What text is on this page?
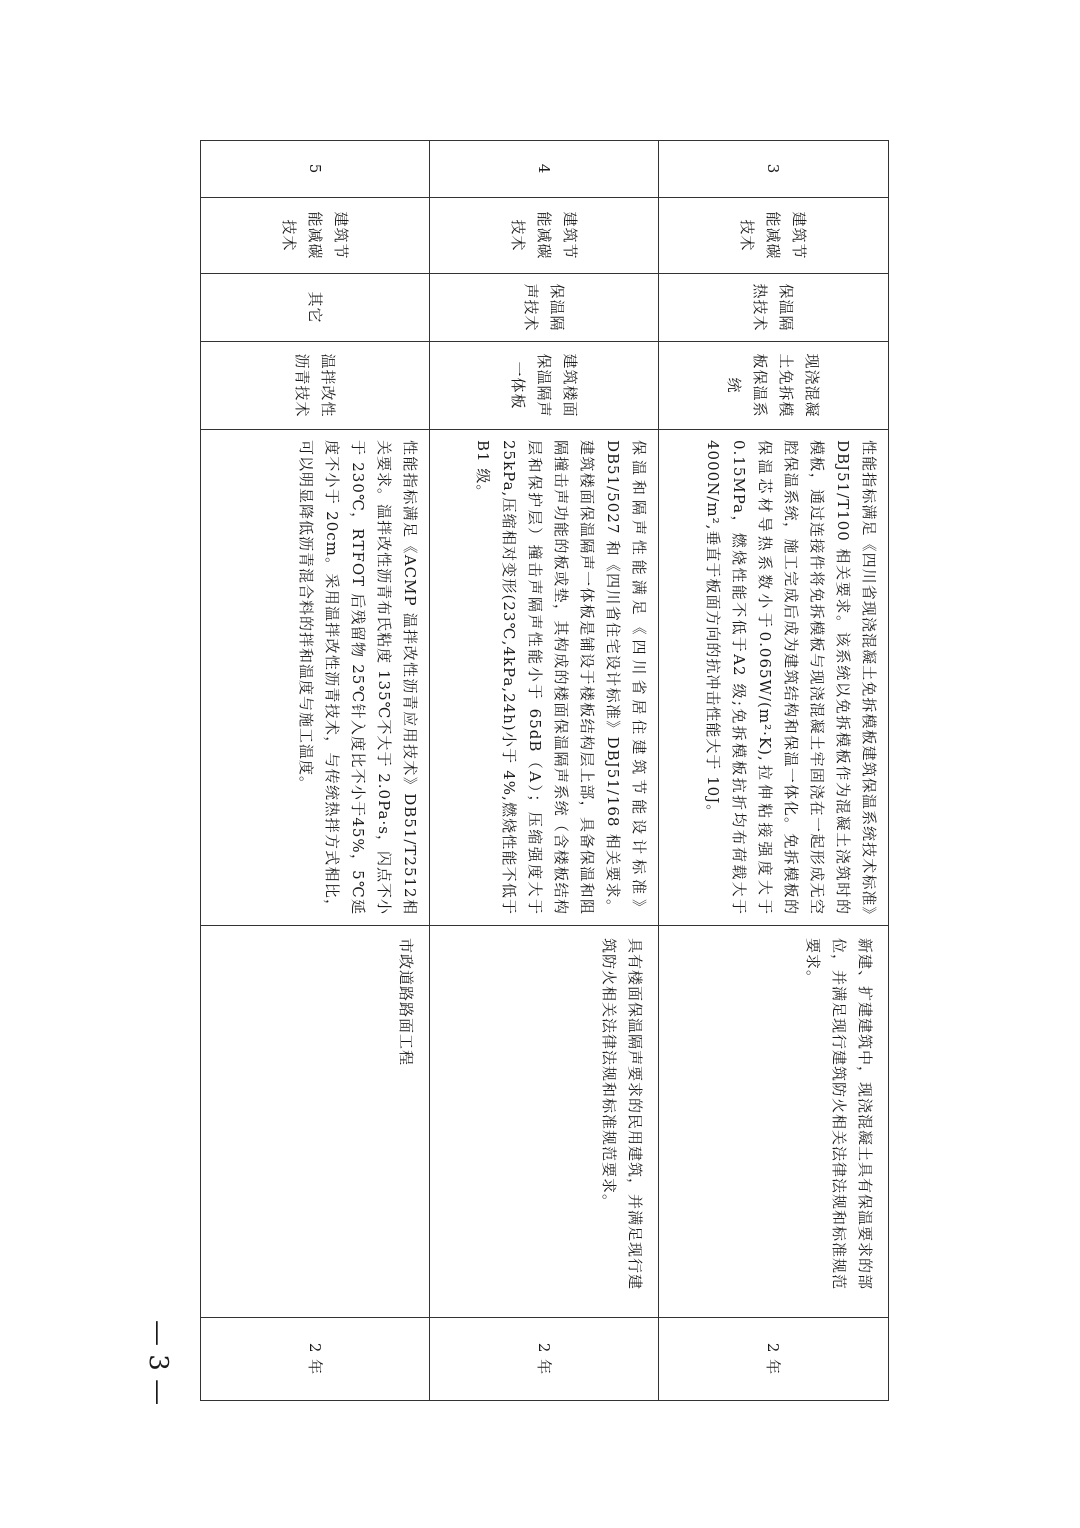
3	建筑节能减碳技术	保温隔热技术	现浇混凝土免拆模板保温系统	性能指标满足《四川省现浇混凝土免拆模板建筑保温系统技术标准》DBJ51/T100 相关要求。该系统以免拆模板作为混凝土浇筑时的模板，通过连接件将免拆模板与现浇混凝土牢固浇在一起形成无空腔保温系统，施工完成后成为建筑结构和保温一体化。免拆模板的保温芯材导热系数小于0.065W/(m²·K),拉伸粘接强度大于 0.15MPa，燃烧性能不低于A2 级;免拆模板抗折均布荷载大于 4000N/m²,垂直于板面方向的抗冲击性能大于 10J。	新建、扩建建筑中，现浇混凝土具有保温要求的部位，并满足现行建筑防火相关法律法规和标准规范要求。	2 年
4	建筑节能减碳技术	保温隔声技术	建筑楼面保温隔声一体板	保温和隔声性能满足《四川省居住建筑节能设计标准》DB51/5027 和《四川省住宅设计标准》DBJ51/168 相关要求。建筑楼面保温隔声一体板是铺设于楼板结构层上部，具备保温和阻隔撞击声功能的板或垫，其构成的楼面保温隔声系统（含楼板结构层和保护层）撞击声隔声性能小于 65dB（A）；压缩强度大于 25kPa,压缩相对变形(23℃,4kPa,24h)小于 4%,燃烧性能不低于 B1 级。	具有楼面保温隔声要求的民用建筑，并满足现行建筑防火相关法律法规和标准规范要求。	2 年
5	建筑节能减碳技术	其它	温拌改性沥青技术	性能指标满足《ACMP 温拌改性沥青应用技术》DB51/T2512相关要求。温拌改性沥青布氏粘度 135℃不大于 2.0Pa·s，闪点不小于 230℃，RTFOT 后残留物 25℃针入度比不小于45%，5℃延度不小于 20cm。采用温拌改性沥青技术，与传统热拌方式相比，可以明显降低沥青混合料的拌和温度与施工温度。	市政道路路面工程	2 年
— 3 —
